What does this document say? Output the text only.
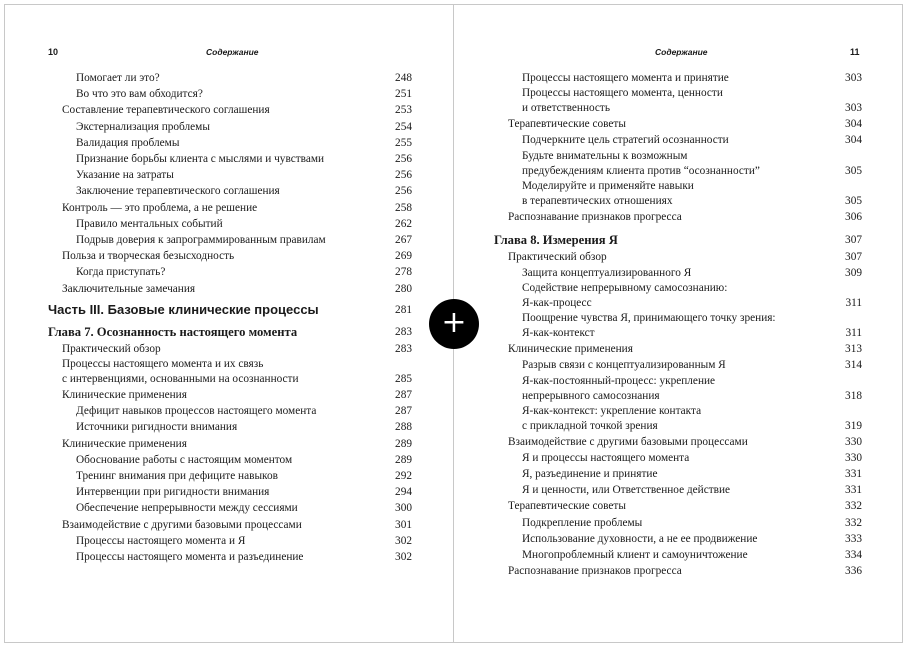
10	Содержание
Помогает ли это?	248
Во что это вам обходится?	251
Составление терапевтического соглашения	253
Экстернализация проблемы	254
Валидация проблемы	255
Признание борьбы клиента с мыслями и чувствами	256
Указание на затраты	256
Заключение терапевтического соглашения	256
Контроль — это проблема, а не решение	258
Правило ментальных событий	262
Подрыв доверия к запрограммированным правилам	267
Польза и творческая безысходность	269
Когда приступать?	278
Заключительные замечания	280
Часть III. Базовые клинические процессы	281
Глава 7. Осознанность настоящего момента	283
Практический обзор	283
Процессы настоящего момента и их связь
с интервенциями, основанными на осознанности	285
Клинические применения	287
Дефицит навыков процессов настоящего момента	287
Источники ригидности внимания	288
Клинические применения	289
Обоснование работы с настоящим моментом	289
Тренинг внимания при дефиците навыков	292
Интервенции при ригидности внимания	294
Обеспечение непрерывности между сессиями	300
Взаимодействие с другими базовыми процессами	301
Процессы настоящего момента и Я	302
Процессы настоящего момента и разъединение	302
Содержание	11
Процессы настоящего момента и принятие	303
Процессы настоящего момента, ценности
и ответственность	303
Терапевтические советы	304
Подчеркните цель стратегий осознанности	304
Будьте внимательны к возможным
предубеждениям клиента против “осознанности”	305
Моделируйте и применяйте навыки
в терапевтических отношениях	305
Распознавание признаков прогресса	306
Глава 8. Измерения Я	307
Практический обзор	307
Защита концептуализированного Я	309
Содействие непрерывному самосознанию:
Я-как-процесс	311
Поощрение чувства Я, принимающего точку зрения:
Я-как-контекст	311
Клинические применения	313
Разрыв связи с концептуализированным Я	314
Я-как-постоянный-процесс: укрепление
непрерывного самосознания	318
Я-как-контекст: укрепление контакта
с прикладной точкой зрения	319
Взаимодействие с другими базовыми процессами	330
Я и процессы настоящего момента	330
Я, разъединение и принятие	331
Я и ценности, или Ответственное действие	331
Терапевтические советы	332
Подкрепление проблемы	332
Использование духовности, а не ее продвижение	333
Многопроблемный клиент и самоуничтожение	334
Распознавание признаков прогресса	336
+
